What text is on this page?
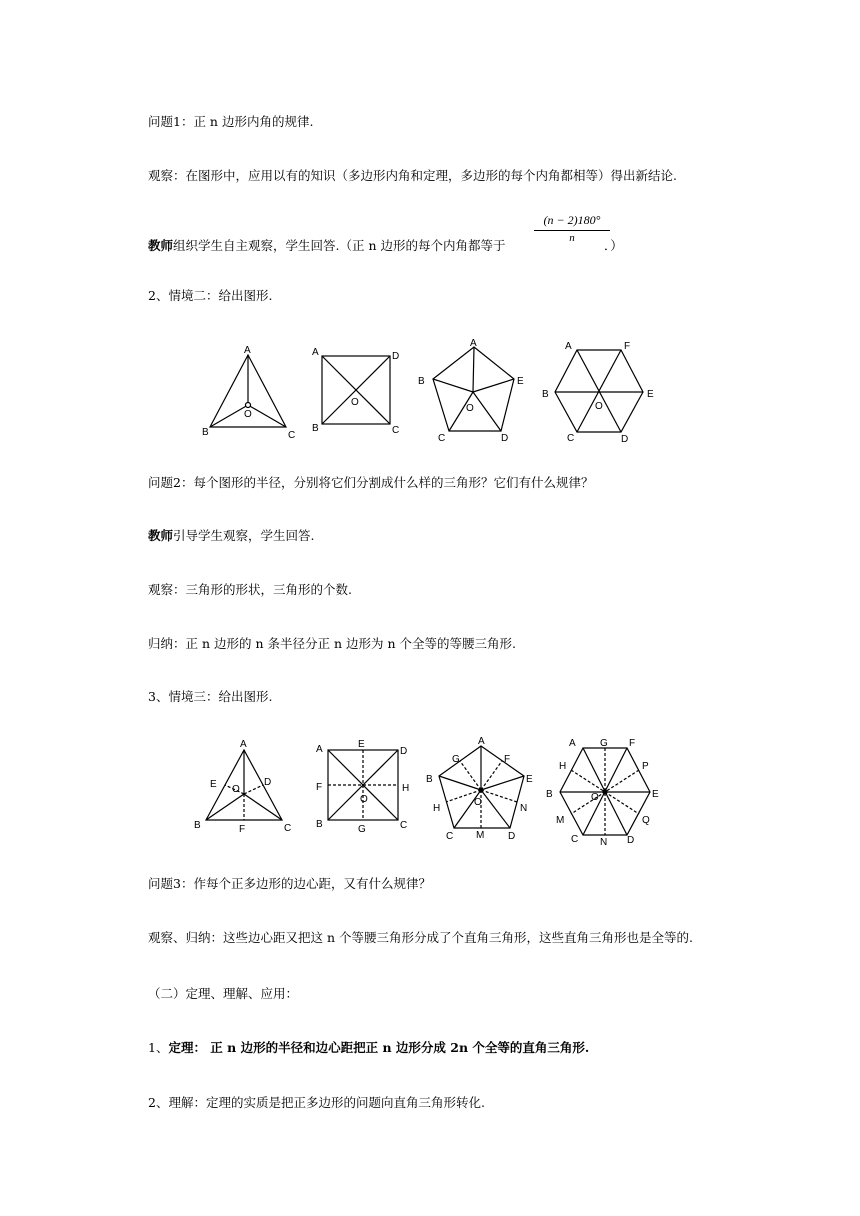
问题1：正 n 边形内角的规律.
观察：在图形中，应用以有的知识（多边形内角和定理，多边形的每个内角都相等）得出新结论.
教师组织学生自主观察，学生回答.（正 n 边形的每个内角都等于
$\frac{(n - 2)180^\circ}{n}$
．）
2、情境二：给出图形.
A
B	C
O
A	D
B	C
O
A
B	E
C	D
O
A	F
B	E
C	D
O
问题2：每个图形的半径，分别将它们分割成什么样的三角形？它们有什么规律？
教师引导学生观察，学生回答.
观察：三角形的形状，三角形的个数.
归纳：正 n 边形的 n 条半径分正 n 边形为 n 个全等的等腰三角形.
3、情境三：给出图形.
A
E	D
O
B	F	C
A	E
D
F	H
O
B	G	C
A
G	F
B	E
O
H	N
C M D
A G F
H	P
B	E
O
M	Q
C N D
问题3：作每个正多边形的边心距，又有什么规律？
观察、归纳：这些边心距又把这 n 个等腰三角形分成了个直角三角形，这些直角三角形也是全等的.
（二）定理、理解、应用：
1、定理： 正 n 边形的半径和边心距把正 n 边形分成 2n 个全等的直角三角形.
2、理解：定理的实质是把正多边形的问题向直角三角形转化.
